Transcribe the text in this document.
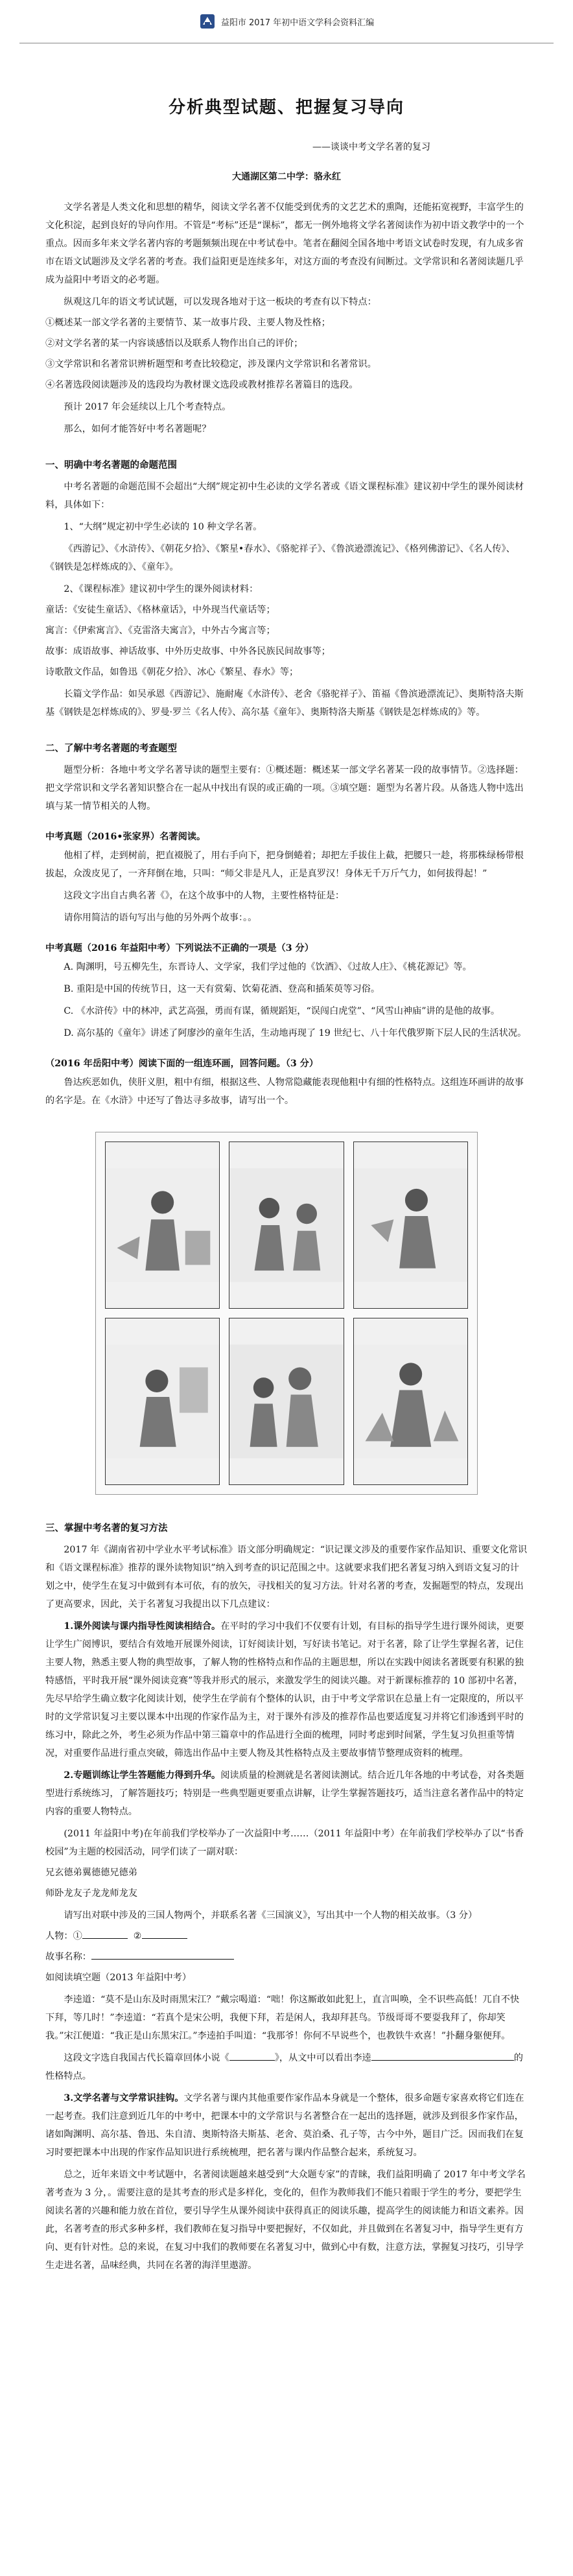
益阳市 2017 年初中语文学科会资料汇编
分析典型试题、把握复习导向
——谈谈中考文学名著的复习
大通湖区第二中学：骆永红

文学名著是人类文化和思想的精华，阅读文学名著不仅能受到优秀的文艺艺术的熏陶，还能拓宽视野，丰富学生的文化积淀，起到良好的导向作用。不管是“考标”还是“课标”，都无一例外地将文学名著阅读作为初中语文教学中的一个重点。因而多年来文学名著内容的考题频频出现在中考试卷中。笔者在翻阅全国各地中考语文试卷时发现，有九成多省市在语文试题涉及文学名著的考查。我们益阳更是连续多年，对这方面的考查没有间断过。文学常识和名著阅读题几乎成为益阳中考语文的必考题。

纵观这几年的语文考试试题，可以发现各地对于这一板块的考查有以下特点：

①概述某一部文学名著的主要情节、某一故事片段、主要人物及性格；

②对文学名著的某一内容谈感悟以及联系人物作出自己的评价；

③文学常识和名著常识辨析题型和考查比较稳定，涉及课内文学常识和名著常识。

④名著选段阅读题涉及的选段均为教材课文选段或教材推荐名著篇目的选段。

预计 2017 年会延续以上几个考查特点。

那么，如何才能答好中考名著题呢？

一、明确中考名著题的命题范围

中考名著题的命题范围不会超出“大纲”规定初中生必读的文学名著或《语文课程标准》建议初中学生的课外阅读材料，具体如下：

1、“大纲”规定初中学生必读的 10 种文学名著。

《西游记》、《水浒传》、《朝花夕拾》、《繁星•春水》、《骆驼祥子》、《鲁滨逊漂流记》、《格列佛游记》、《名人传》、《钢铁是怎样炼成的》、《童年》。

2、《课程标准》建议初中学生的课外阅读材料：

童话：《安徒生童话》、《格林童话》，中外现当代童话等；

寓言：《伊索寓言》、《克雷洛夫寓言》，中外古今寓言等；

故事：成语故事、神话故事、中外历史故事、中外各民族民间故事等；

诗歌散文作品，如鲁迅《朝花夕拾》、冰心《繁星、春水》等；

长篇文学作品：如吴承恩《西游记》、施耐庵《水浒传》、老舍《骆驼祥子》、笛福《鲁滨逊漂流记》、奥斯特洛夫斯基《钢铁是怎样炼成的》、罗曼·罗兰《名人传》、高尔基《童年》、奥斯特洛夫斯基《钢铁是怎样炼成的》等。

二、了解中考名著题的考查题型

题型分析：各地中考文学名著导读的题型主要有：①概述题：概述某一部文学名著某一段的故事情节。②选择题：把文学常识和文学名著知识整合在一起从中找出有误的或正确的一项。③填空题：题型为名著片段。从备选人物中选出填与某一情节相关的人物。

中考真题（2016•张家界）名著阅读。

他相了样，走到树前，把直裰脱了，用右手向下，把身倒蜷着；却把左手拔住上截，把腰只一趁，将那株绿杨带根拔起，众泼皮见了，一齐拜倒在地，只叫：“师父非是凡人，正是真罗汉！身体无千万斤气力，如何拔得起！”

这段文字出自古典名著《》，在这个故事中的人物，主要性格特征是：

请你用简洁的语句写出与他的另外两个故事：。。

中考真题（2016 年益阳中考）下列说法不正确的一项是（3 分）

A. 陶渊明，号五柳先生，东晋诗人、文学家，我们学过他的《饮酒》、《过故人庄》、《桃花源记》等。

B. 重阳是中国的传统节日，这一天有赏菊、饮菊花酒、登高和插茱萸等习俗。

C. 《水浒传》中的林冲，武艺高强，勇而有谋，循规蹈矩，“误闯白虎堂”、“风雪山神庙”讲的是他的故事。

D. 高尔基的《童年》讲述了阿廖沙的童年生活，生动地再现了 19 世纪七、八十年代俄罗斯下层人民的生活状况。

（2016 年岳阳中考）阅读下面的一组连环画，回答问题。（3 分）

鲁达疾恶如仇，侠肝义胆，粗中有细，根据这些、人物常隐藏能表现他粗中有细的性格特点。这组连环画讲的故事的名字是。在《水浒》中还写了鲁达寻多故事，请写出一个。

三、掌握中考名著的复习方法

2017 年《湖南省初中学业水平考试标准》语文部分明确规定：“识记课文涉及的重要作家作品知识、重要文化常识和《语文课程标准》推荐的课外读物知识”纳入到考查的识记范围之中。这就要求我们把名著复习纳入到语文复习的计划之中，使学生在复习中做到有本可依，有的放矢，寻找相关的复习方法。针对名著的考查，发掘题型的特点，发现出了更高要求，因此，关于名著复习我提出以下几点建议：

1.课外阅读与课内指导性阅读相结合。在平时的学习中我们不仅要有计划，有目标的指导学生进行课外阅读，更要让学生广阅博识，要结合有效地开展课外阅读，订好阅读计划，写好读书笔记。对于名著，除了让学生掌握名著，记住主要人物，熟悉主要人物的典型故事，了解人物的性格特点和作品的主题思想，所以在实践中阅读名著既要有积累的独特感悟，平时我开展“课外阅读竞赛”等我并形式的展示，来激发学生的阅读兴趣。对于新课标推荐的 10 部初中名著，先尽早给学生确立数字化阅读计划，使学生在学前有个整体的认识，由于中考文学常识在总量上有一定限度的，所以平时的文学常识复习主要以课本中出现的作家作品为主，对于课外有涉及的推荐作品也要适度复习并将它们渗透到平时的练习中，除此之外，考生必须为作品中第三篇章中的作品进行全面的梳理，同时考虑到时间紧，学生复习负担重等情况，对重要作品进行重点突破，筛选出作品中主要人物及其性格特点及主要故事情节整理成资料的梳理。

2.专题训练让学生答题能力得到升华。阅读质量的检测就是名著阅读测试。结合近几年各地的中考试卷，对各类题型进行系统练习，了解答题技巧；特别是一些典型题更要重点讲解，让学生掌握答题技巧，适当注意名著作品中的特定内容的重要人物特点。

(2011 年益阳中考)在年前我们学校举办了一次益阳中考……（2011 年益阳中考）在年前我们学校举办了以“书香校园”为主题的校园活动，同学们读了一副对联：

兄玄德弟翼德德兄德弟

师卧龙友子龙龙师龙友

请写出对联中涉及的三国人物两个，并联系名著《三国演义》，写出其中一个人物的相关故事。（3 分）

人物：①	②

故事名称：

如阅读填空题（2013 年益阳中考）

李逵道：“莫不是山东及时雨黑宋江？”戴宗喝道：“咄！你这厮敢如此犯上，直言叫唤，全不识些高低！兀自不快下拜，等几时！”李逵道：“若真个是宋公明，我便下拜，若是闲人，我却拜甚鸟。节级哥哥不要耍我拜了，你却笑我。”宋江便道：“我正是山东黑宋江。”李逵拍手叫道：“我那爷！你何不早说些个，也教铁牛欢喜！”扑翻身躯便拜。

这段文字选自我国古代长篇章回体小说《	》，从文中可以看出李逵	的性格特点。

3.文学名著与文学常识挂钩。文学名著与课内其他重要作家作品本身就是一个整体，很多命题专家喜欢将它们连在一起考查。我们注意到近几年的中考中，把课本中的文学常识与名著整合在一起出的选择题，就涉及到很多作家作品，诸如陶渊明、高尔基、鲁迅、朱自清、奥斯特洛夫斯基、老舍、莫泊桑、孔子等，古今中外，题目广泛。因而我们在复习时要把课本中出现的作家作品知识进行系统梳理，把名著与课内作品整合起来，系统复习。

总之，近年来语文中考试题中，名著阅读题越来越受到“大众题专家”的青睐，我们益阳明确了 2017 年中考文学名著考查为 3 分，。需要注意的是其考查的形式是多样化，变化的，但作为教师我们不能只着眼于学生的考分，要把学生阅读名著的兴趣和能力放在首位，要引导学生从课外阅读中获得真正的阅读乐趣，提高学生的阅读能力和语文素养。因此，名著考查的形式多种多样，我们教师在复习指导中要把握好，不仅如此，并且做到在名著复习中，指导学生更有方向、更有针对性。总的来说，在复习中我们的教师要在名著复习中，做到心中有数，注意方法，掌握复习技巧，引导学生走进名著，品味经典，共同在名著的海洋里遨游。
